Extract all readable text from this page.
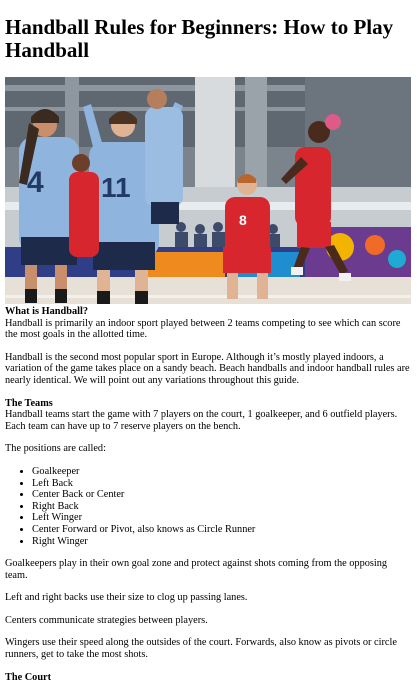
Handball Rules for Beginners: How to Play Handball
4 11
8
What is Handball?

Handball is primarily an indoor sport played between 2 teams competing to see which can score the most goals in the allotted time.

Handball is the second most popular sport in Europe. Although it’s mostly played indoors, a variation of the game takes place on a sandy beach. Beach handballs and indoor handball rules are nearly identical. We will point out any variations throughout this guide.

The Teams

Handball teams start the game with 7 players on the court, 1 goalkeeper, and 6 outfield players. Each team can have up to 7 reserve players on the bench.

The positions are called:

• Goalkeeper
• Left Back
• Center Back or Center
• Right Back
• Left Winger
• Center Forward or Pivot, also knows as Circle Runner
• Right Winger

Goalkeepers play in their own goal zone and protect against shots coming from the opposing team.

Left and right backs use their size to clog up passing lanes.

Centers communicate strategies between players.

Wingers use their speed along the outsides of the court. Forwards, also know as pivots or circle runners, get to take the most shots.

The Court
